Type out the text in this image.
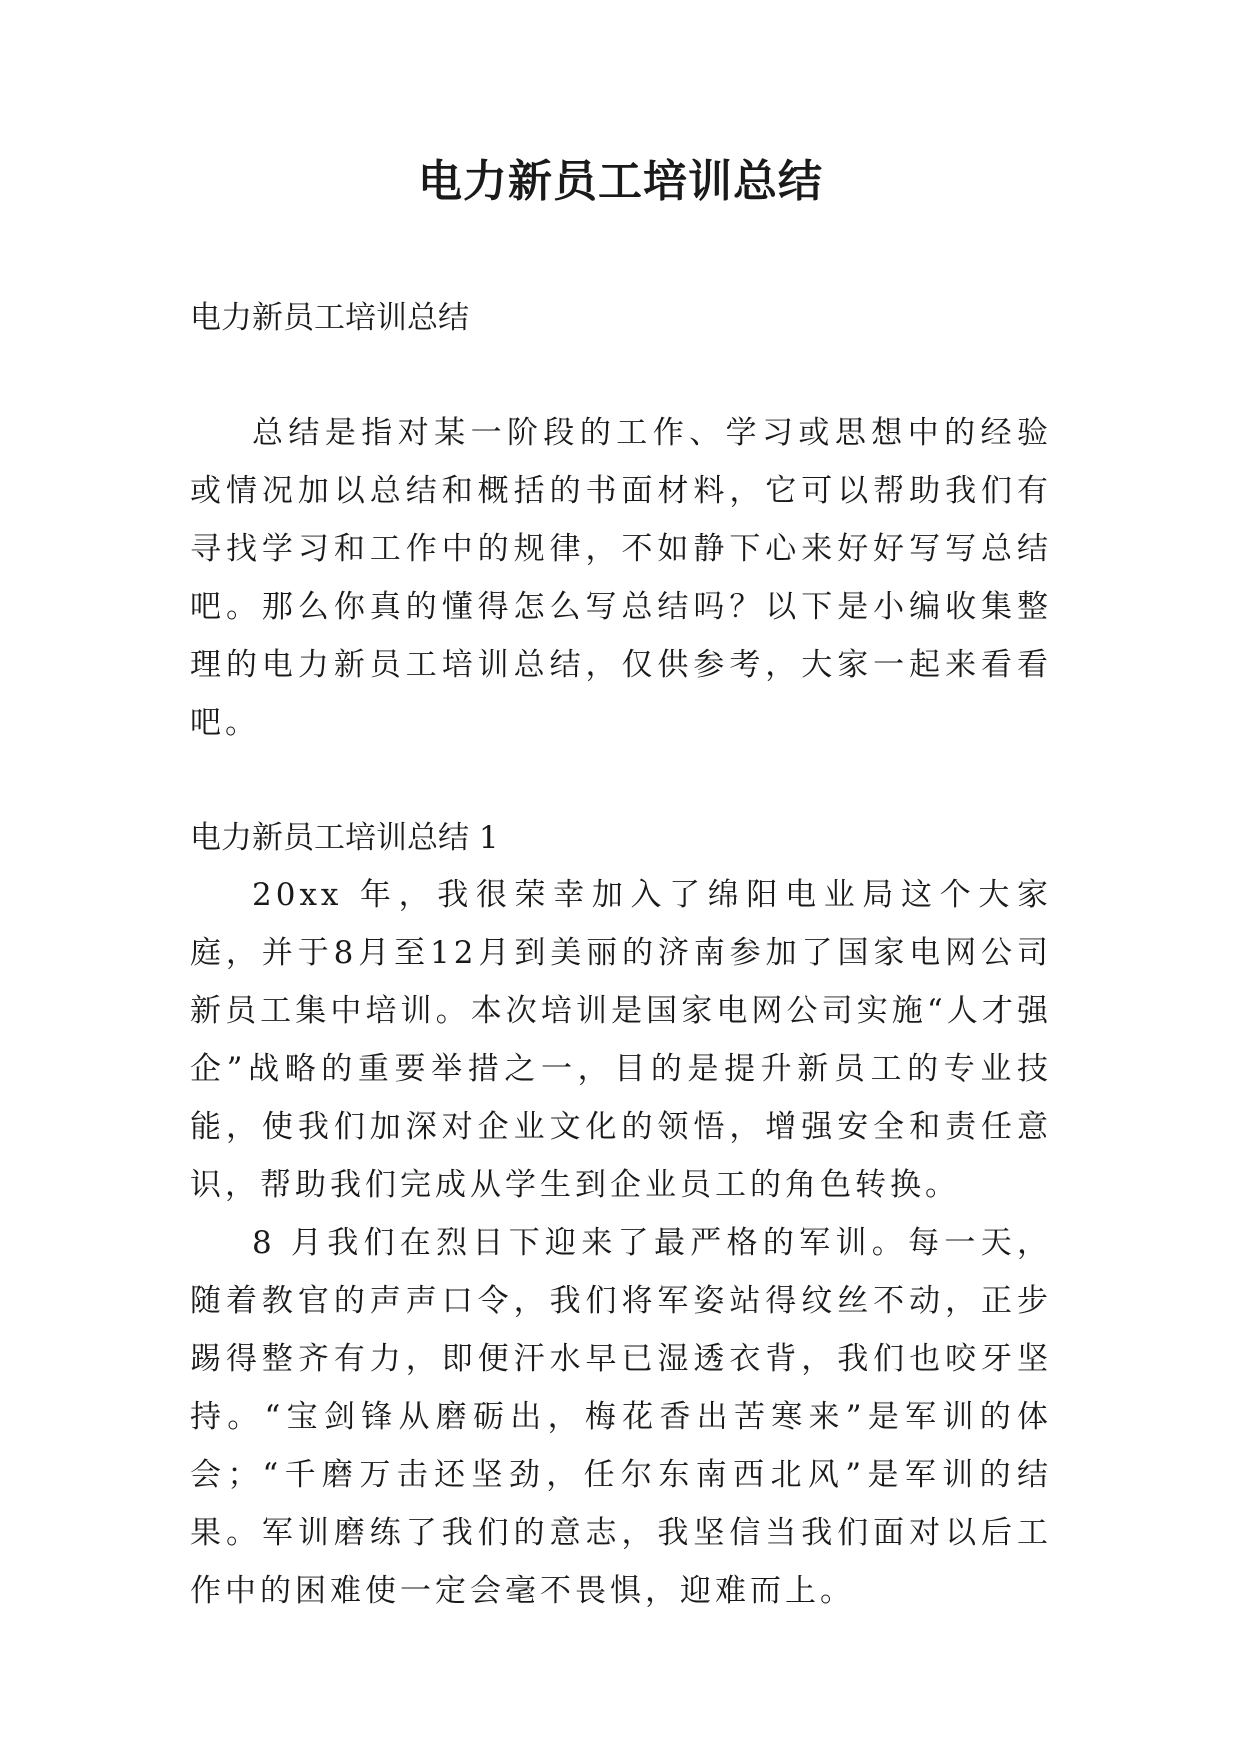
电力新员工培训总结

电力新员工培训总结

总结是指对某一阶段的工作、学习或思想中的经验或情况加以总结和概括的书面材料，它可以帮助我们有寻找学习和工作中的规律，不如静下心来好好写写总结吧。那么你真的懂得怎么写总结吗？以下是小编收集整理的电力新员工培训总结，仅供参考，大家一起来看看吧。

电力新员工培训总结 1

20xx 年，我很荣幸加入了绵阳电业局这个大家庭，并于8月至12月到美丽的济南参加了国家电网公司新员工集中培训。本次培训是国家电网公司实施“人才强企”战略的重要举措之一，目的是提升新员工的专业技能，使我们加深对企业文化的领悟，增强安全和责任意识，帮助我们完成从学生到企业员工的角色转换。

8 月我们在烈日下迎来了最严格的军训。每一天，随着教官的声声口令，我们将军姿站得纹丝不动，正步踢得整齐有力，即便汗水早已湿透衣背，我们也咬牙坚持。“宝剑锋从磨砺出，梅花香出苦寒来”是军训的体会；“千磨万击还坚劲，任尔东南西北风”是军训的结果。军训磨练了我们的意志，我坚信当我们面对以后工作中的困难使一定会毫不畏惧，迎难而上。
